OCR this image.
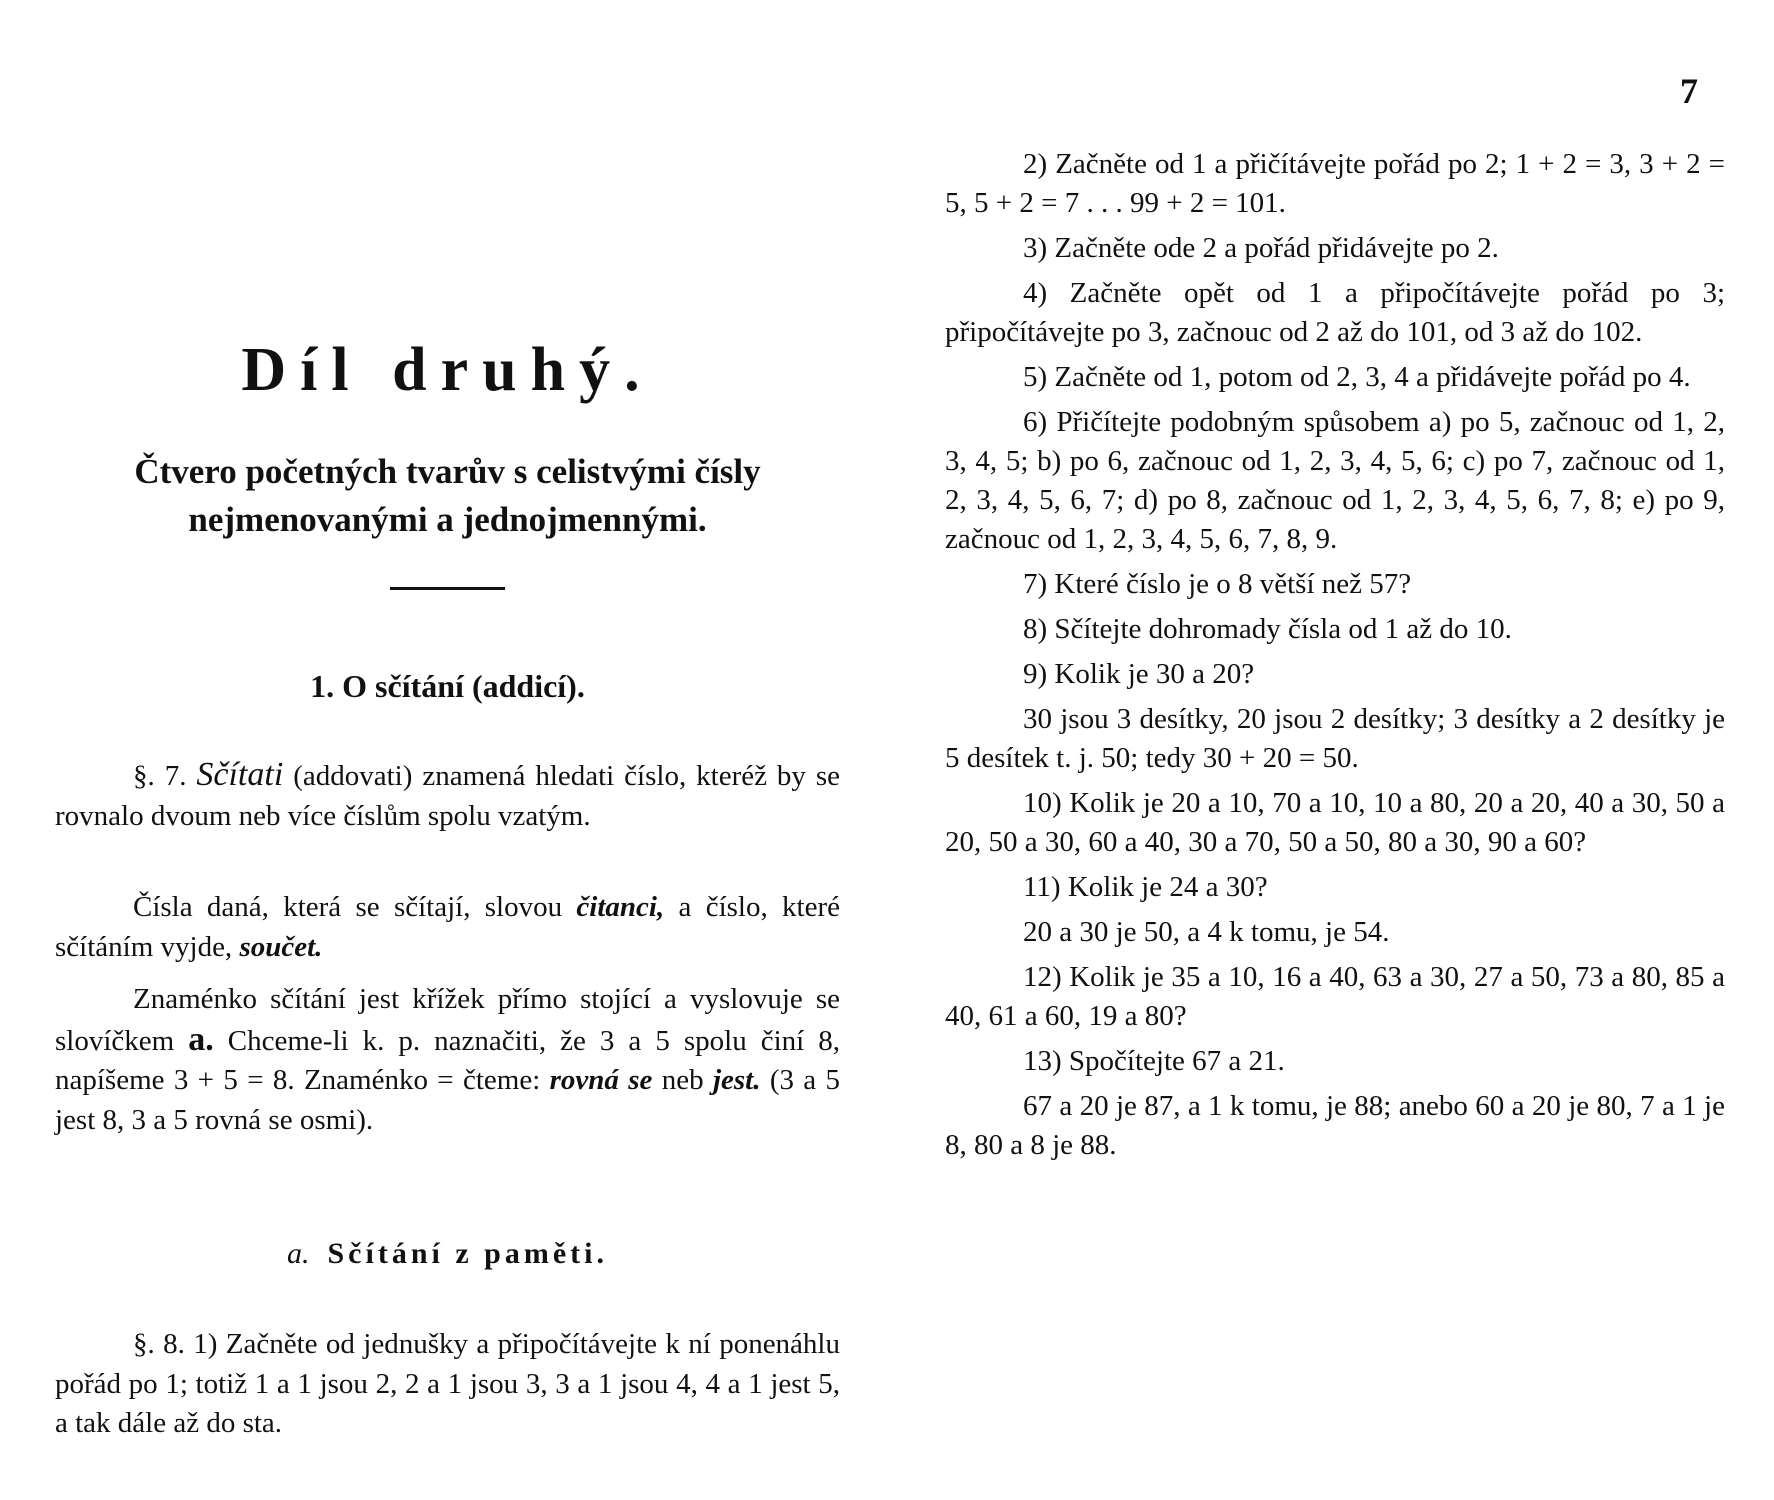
7
Díl druhý.
Čtvero početných tvarův s celistvými čísly
nejmenovanými a jednojmennými.
1. O sčítání (addicí).

§. 7. Sčítati (addovati) znamená hledati číslo, kteréž by se rovnalo dvoum neb více číslům spolu vzatým.

Čísla daná, která se sčítají, slovou čitanci, a číslo, které sčítáním vyjde, součet.

Znaménko sčítání jest křížek přímo stojící a vyslovuje se slovíčkem a. Chceme-li k. p. naznačiti, že 3 a 5 spolu činí 8, napíšeme 3 + 5 = 8. Znaménko = čteme: rovná se neb jest. (3 a 5 jest 8, 3 a 5 rovná se osmi).

a. Sčítání z paměti.

§. 8. 1) Začněte od jednušky a připočítávejte k ní ponenáhlu pořád po 1; totiž 1 a 1 jsou 2, 2 a 1 jsou 3, 3 a 1 jsou 4, 4 a 1 jest 5, a tak dále až do sta.

2) Začněte od 1 a přičítávejte pořád po 2; 1 + 2 = 3, 3 + 2 = 5, 5 + 2 = 7 . . . 99 + 2 = 101.

3) Začněte ode 2 a pořád přidávejte po 2.

4) Začněte opět od 1 a připočítávejte pořád po 3; připočítávejte po 3, začnouc od 2 až do 101, od 3 až do 102.

5) Začněte od 1, potom od 2, 3, 4 a přidávejte pořád po 4.

6) Přičítejte podobným spůsobem a) po 5, začnouc od 1, 2, 3, 4, 5; b) po 6, začnouc od 1, 2, 3, 4, 5, 6; c) po 7, začnouc od 1, 2, 3, 4, 5, 6, 7; d) po 8, začnouc od 1, 2, 3, 4, 5, 6, 7, 8; e) po 9, začnouc od 1, 2, 3, 4, 5, 6, 7, 8, 9.

7) Které číslo je o 8 větší než 57?

8) Sčítejte dohromady čísla od 1 až do 10.

9) Kolik je 30 a 20?

30 jsou 3 desítky, 20 jsou 2 desítky; 3 desítky a 2 desítky je 5 desítek t. j. 50; tedy 30 + 20 = 50.

10) Kolik je 20 a 10, 70 a 10, 10 a 80, 20 a 20, 40 a 30, 50 a 20, 50 a 30, 60 a 40, 30 a 70, 50 a 50, 80 a 30, 90 a 60?

11) Kolik je 24 a 30?

20 a 30 je 50, a 4 k tomu, je 54.

12) Kolik je 35 a 10, 16 a 40, 63 a 30, 27 a 50, 73 a 80, 85 a 40, 61 a 60, 19 a 80?

13) Spočítejte 67 a 21.

67 a 20 je 87, a 1 k tomu, je 88; anebo 60 a 20 je 80, 7 a 1 je 8, 80 a 8 je 88.
